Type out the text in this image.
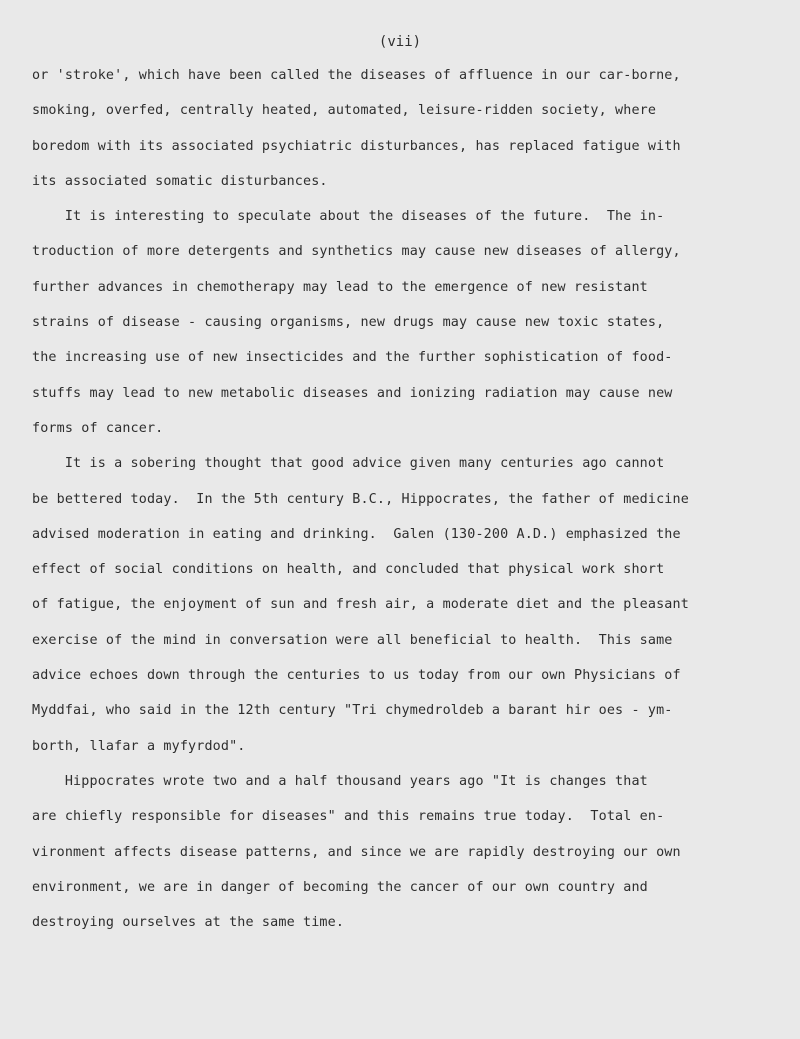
(vii)
or 'stroke', which have been called the diseases of affluence in our car-borne,
smoking, overfed, centrally heated, automated, leisure-ridden society, where
boredom with its associated psychiatric disturbances, has replaced fatigue with
its associated somatic disturbances.
It is interesting to speculate about the diseases of the future.  The in-
troduction of more detergents and synthetics may cause new diseases of allergy,
further advances in chemotherapy may lead to the emergence of new resistant
strains of disease - causing organisms, new drugs may cause new toxic states,
the increasing use of new insecticides and the further sophistication of food-
stuffs may lead to new metabolic diseases and ionizing radiation may cause new
forms of cancer.
It is a sobering thought that good advice given many centuries ago cannot
be bettered today.  In the 5th century B.C., Hippocrates, the father of medicine
advised moderation in eating and drinking.  Galen (130-200 A.D.) emphasized the
effect of social conditions on health, and concluded that physical work short
of fatigue, the enjoyment of sun and fresh air, a moderate diet and the pleasant
exercise of the mind in conversation were all beneficial to health.  This same
advice echoes down through the centuries to us today from our own Physicians of
Myddfai, who said in the 12th century "Tri chymedroldeb a barant hir oes - ym-
borth, llafar a myfyrdod".
Hippocrates wrote two and a half thousand years ago "It is changes that
are chiefly responsible for diseases" and this remains true today.  Total en-
vironment affects disease patterns, and since we are rapidly destroying our own
environment, we are in danger of becoming the cancer of our own country and
destroying ourselves at the same time.
